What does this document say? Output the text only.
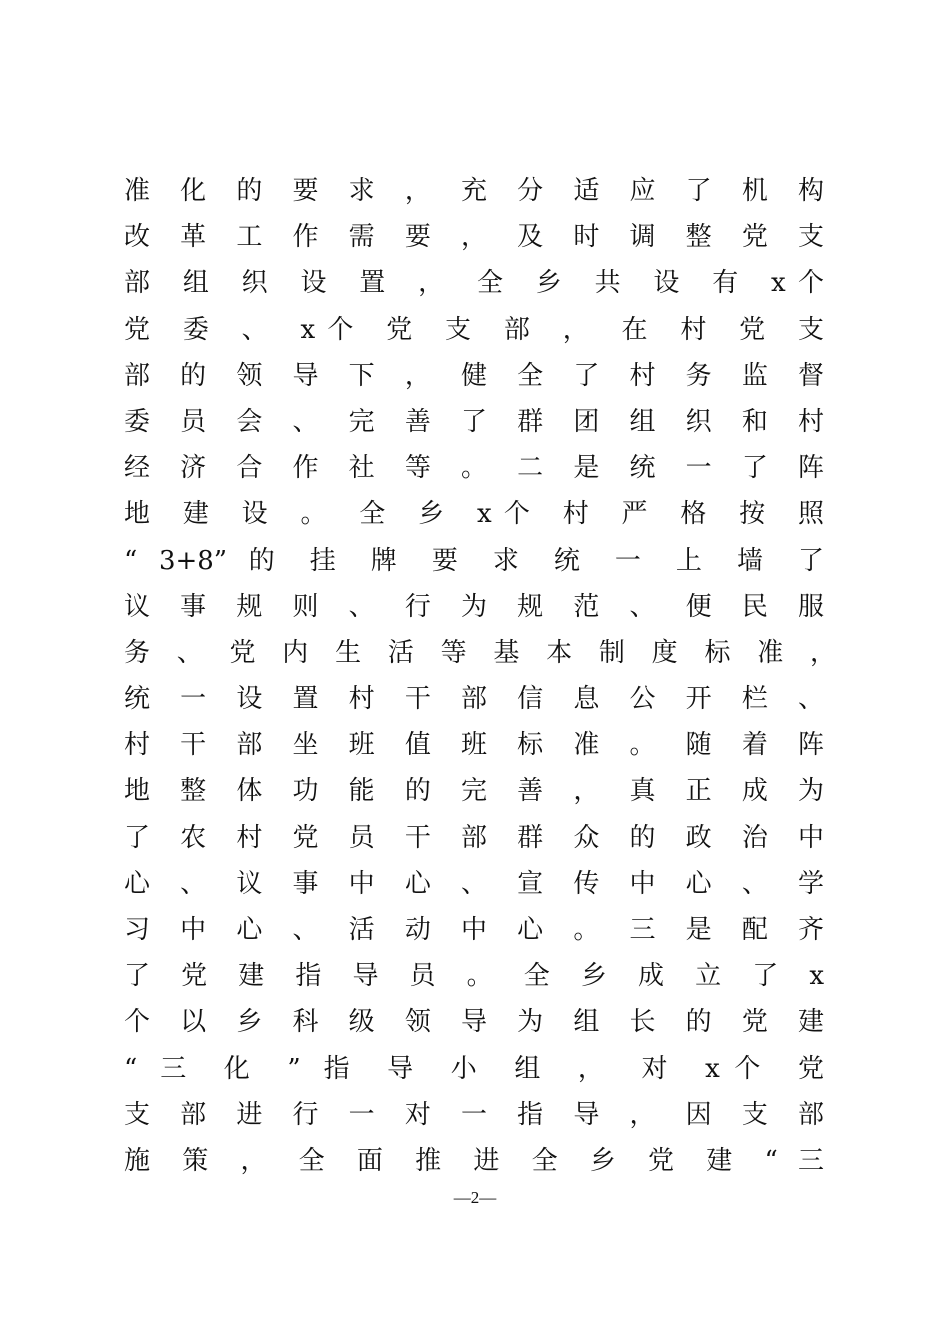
准 化 的 要 求 ， 充 分 适 应 了 机 构
改 革 工 作 需 要 ， 及 时 调 整 党 支
部 组 织 设 置 ， 全 乡 共 设 有 x个
党 委 、 x个 党 支 部 ， 在 村 党 支
部 的 领 导 下 ， 健 全 了 村 务 监 督
委 员 会 、 完 善 了 群 团 组 织 和 村
经 济 合 作 社 等 。 二 是 统 一 了 阵
地 建 设 。 全 乡 x个 村 严 格 按 照
“ 3+8” 的 挂 牌 要 求 统 一 上 墙 了
议 事 规 则 、 行 为 规 范 、 便 民 服
务 、 党 内 生 活 等 基 本 制 度 标 准 ，
统 一 设 置 村 干 部 信 息 公 开 栏 、
村 干 部 坐 班 值 班 标 准 。 随 着 阵
地 整 体 功 能 的 完 善 ， 真 正 成 为
了 农 村 党 员 干 部 群 众 的 政 治 中
心 、 议 事 中 心 、 宣 传 中 心 、 学
习 中 心 、 活 动 中 心 。 三 是 配 齐
了 党 建 指 导 员 。 全 乡 成 立 了 x
个 以 乡 科 级 领 导 为 组 长 的 党 建
“ 三 化 ” 指 导 小 组 ， 对 x个 党
支 部 进 行 一 对 一 指 导 ， 因 支 部
施 策 ， 全 面 推 进 全 乡 党 建 “ 三
—2—
